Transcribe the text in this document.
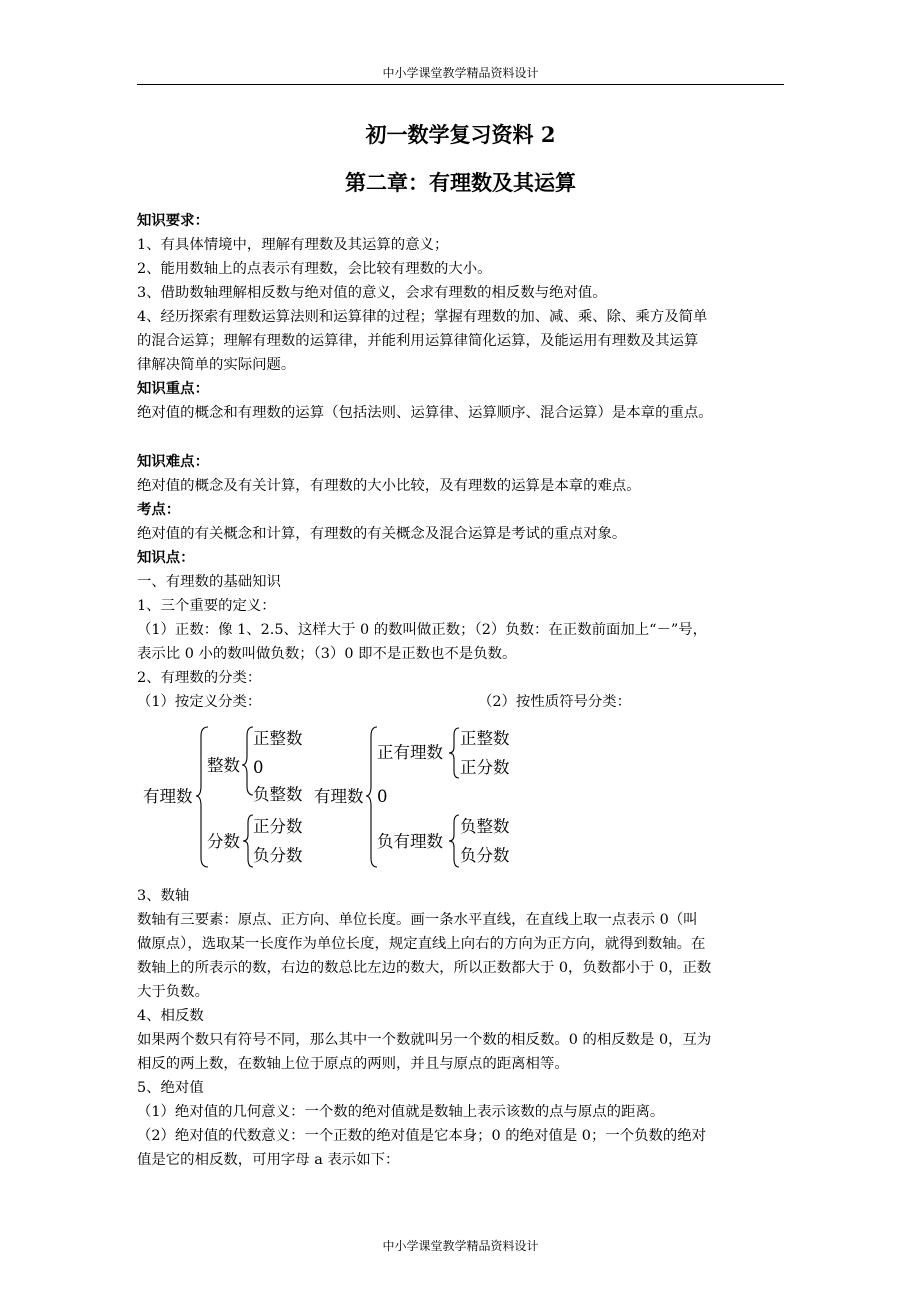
中小学课堂教学精品资料设计
初一数学复习资料 2
第二章：有理数及其运算
知识要求：
1、有具体情境中，理解有理数及其运算的意义；
2、能用数轴上的点表示有理数，会比较有理数的大小。
3、借助数轴理解相反数与绝对值的意义，会求有理数的相反数与绝对值。
4、经历探索有理数运算法则和运算律的过程；掌握有理数的加、减、乘、除、乘方及简单
的混合运算；理解有理数的运算律，并能利用运算律简化运算，及能运用有理数及其运算
律解决简单的实际问题。
知识重点：
绝对值的概念和有理数的运算（包括法则、运算律、运算顺序、混合运算）是本章的重点。
知识难点：
绝对值的概念及有关计算，有理数的大小比较，及有理数的运算是本章的难点。
考点：
绝对值的有关概念和计算，有理数的有关概念及混合运算是考试的重点对象。
知识点：
一、有理数的基础知识
1、三个重要的定义：
（1）正数：像 1、2.5、这样大于 0 的数叫做正数；（2）负数：在正数前面加上“－”号，
表示比 0 小的数叫做负数；（3）0 即不是正数也不是负数。
2、有理数的分类：
（1）按定义分类：	（2）按性质符号分类：
有理数
整数
正整数
0
负整数
分数
正分数
负分数
有理数
正有理数
正整数
正分数
0
负有理数
负整数
负分数
3、数轴
数轴有三要素：原点、正方向、单位长度。画一条水平直线，在直线上取一点表示 0（叫
做原点），选取某一长度作为单位长度，规定直线上向右的方向为正方向，就得到数轴。在
数轴上的所表示的数，右边的数总比左边的数大，所以正数都大于 0，负数都小于 0，正数
大于负数。
4、相反数
如果两个数只有符号不同，那么其中一个数就叫另一个数的相反数。0 的相反数是 0，互为
相反的两上数，在数轴上位于原点的两则，并且与原点的距离相等。
5、绝对值
（1）绝对值的几何意义：一个数的绝对值就是数轴上表示该数的点与原点的距离。
（2）绝对值的代数意义：一个正数的绝对值是它本身；0 的绝对值是 0；一个负数的绝对
值是它的相反数，可用字母 a 表示如下：
中小学课堂教学精品资料设计
